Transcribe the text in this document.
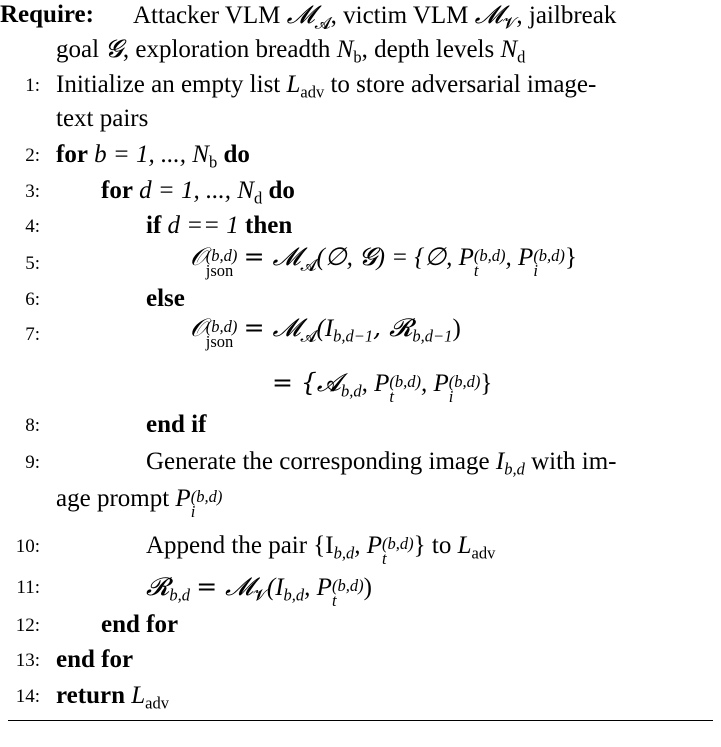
Require: Attacker VLM 𝓜$_𝓐$, victim VLM 𝓜$_𝓥$, jailbreak
goal 𝓖, exploration breadth $N_b$, depth levels $N_d$
1: Initialize an empty list $L_{adv}$ to store adversarial image-
text pairs
2: for b = 1, ..., $N_b$ do
3: for d = 1, ..., $N_d$ do
4:	if d == 1 then
5:	𝒪 (b,d)
json = 𝓜$_𝓐$(∅, 𝓖) = {∅, P (b,d)
t	, P (b,d)
i	}
6:	else
7:	𝒪 (b,d)
json = $𝓜_𝓐(I_{b,d-1}$, 𝓡$_{b,d-1}$)
= {𝓐$_{b,d}$, P (b,d)
t	, P (b,d)
i	}
8:	end if
9:	Generate the corresponding image $I_{b,d}$ with im-
age prompt P (b,d)
i
10:	Append the pair {$I_{b,d}$, P (b,d)
t	} to $L_{adv}$
11:	𝓡$_{b,d}$ = $𝓜_𝓥(I_{b,d}$, P (b,d)
t	)
12: end for
13: end for
14: return $L_{adv}$
